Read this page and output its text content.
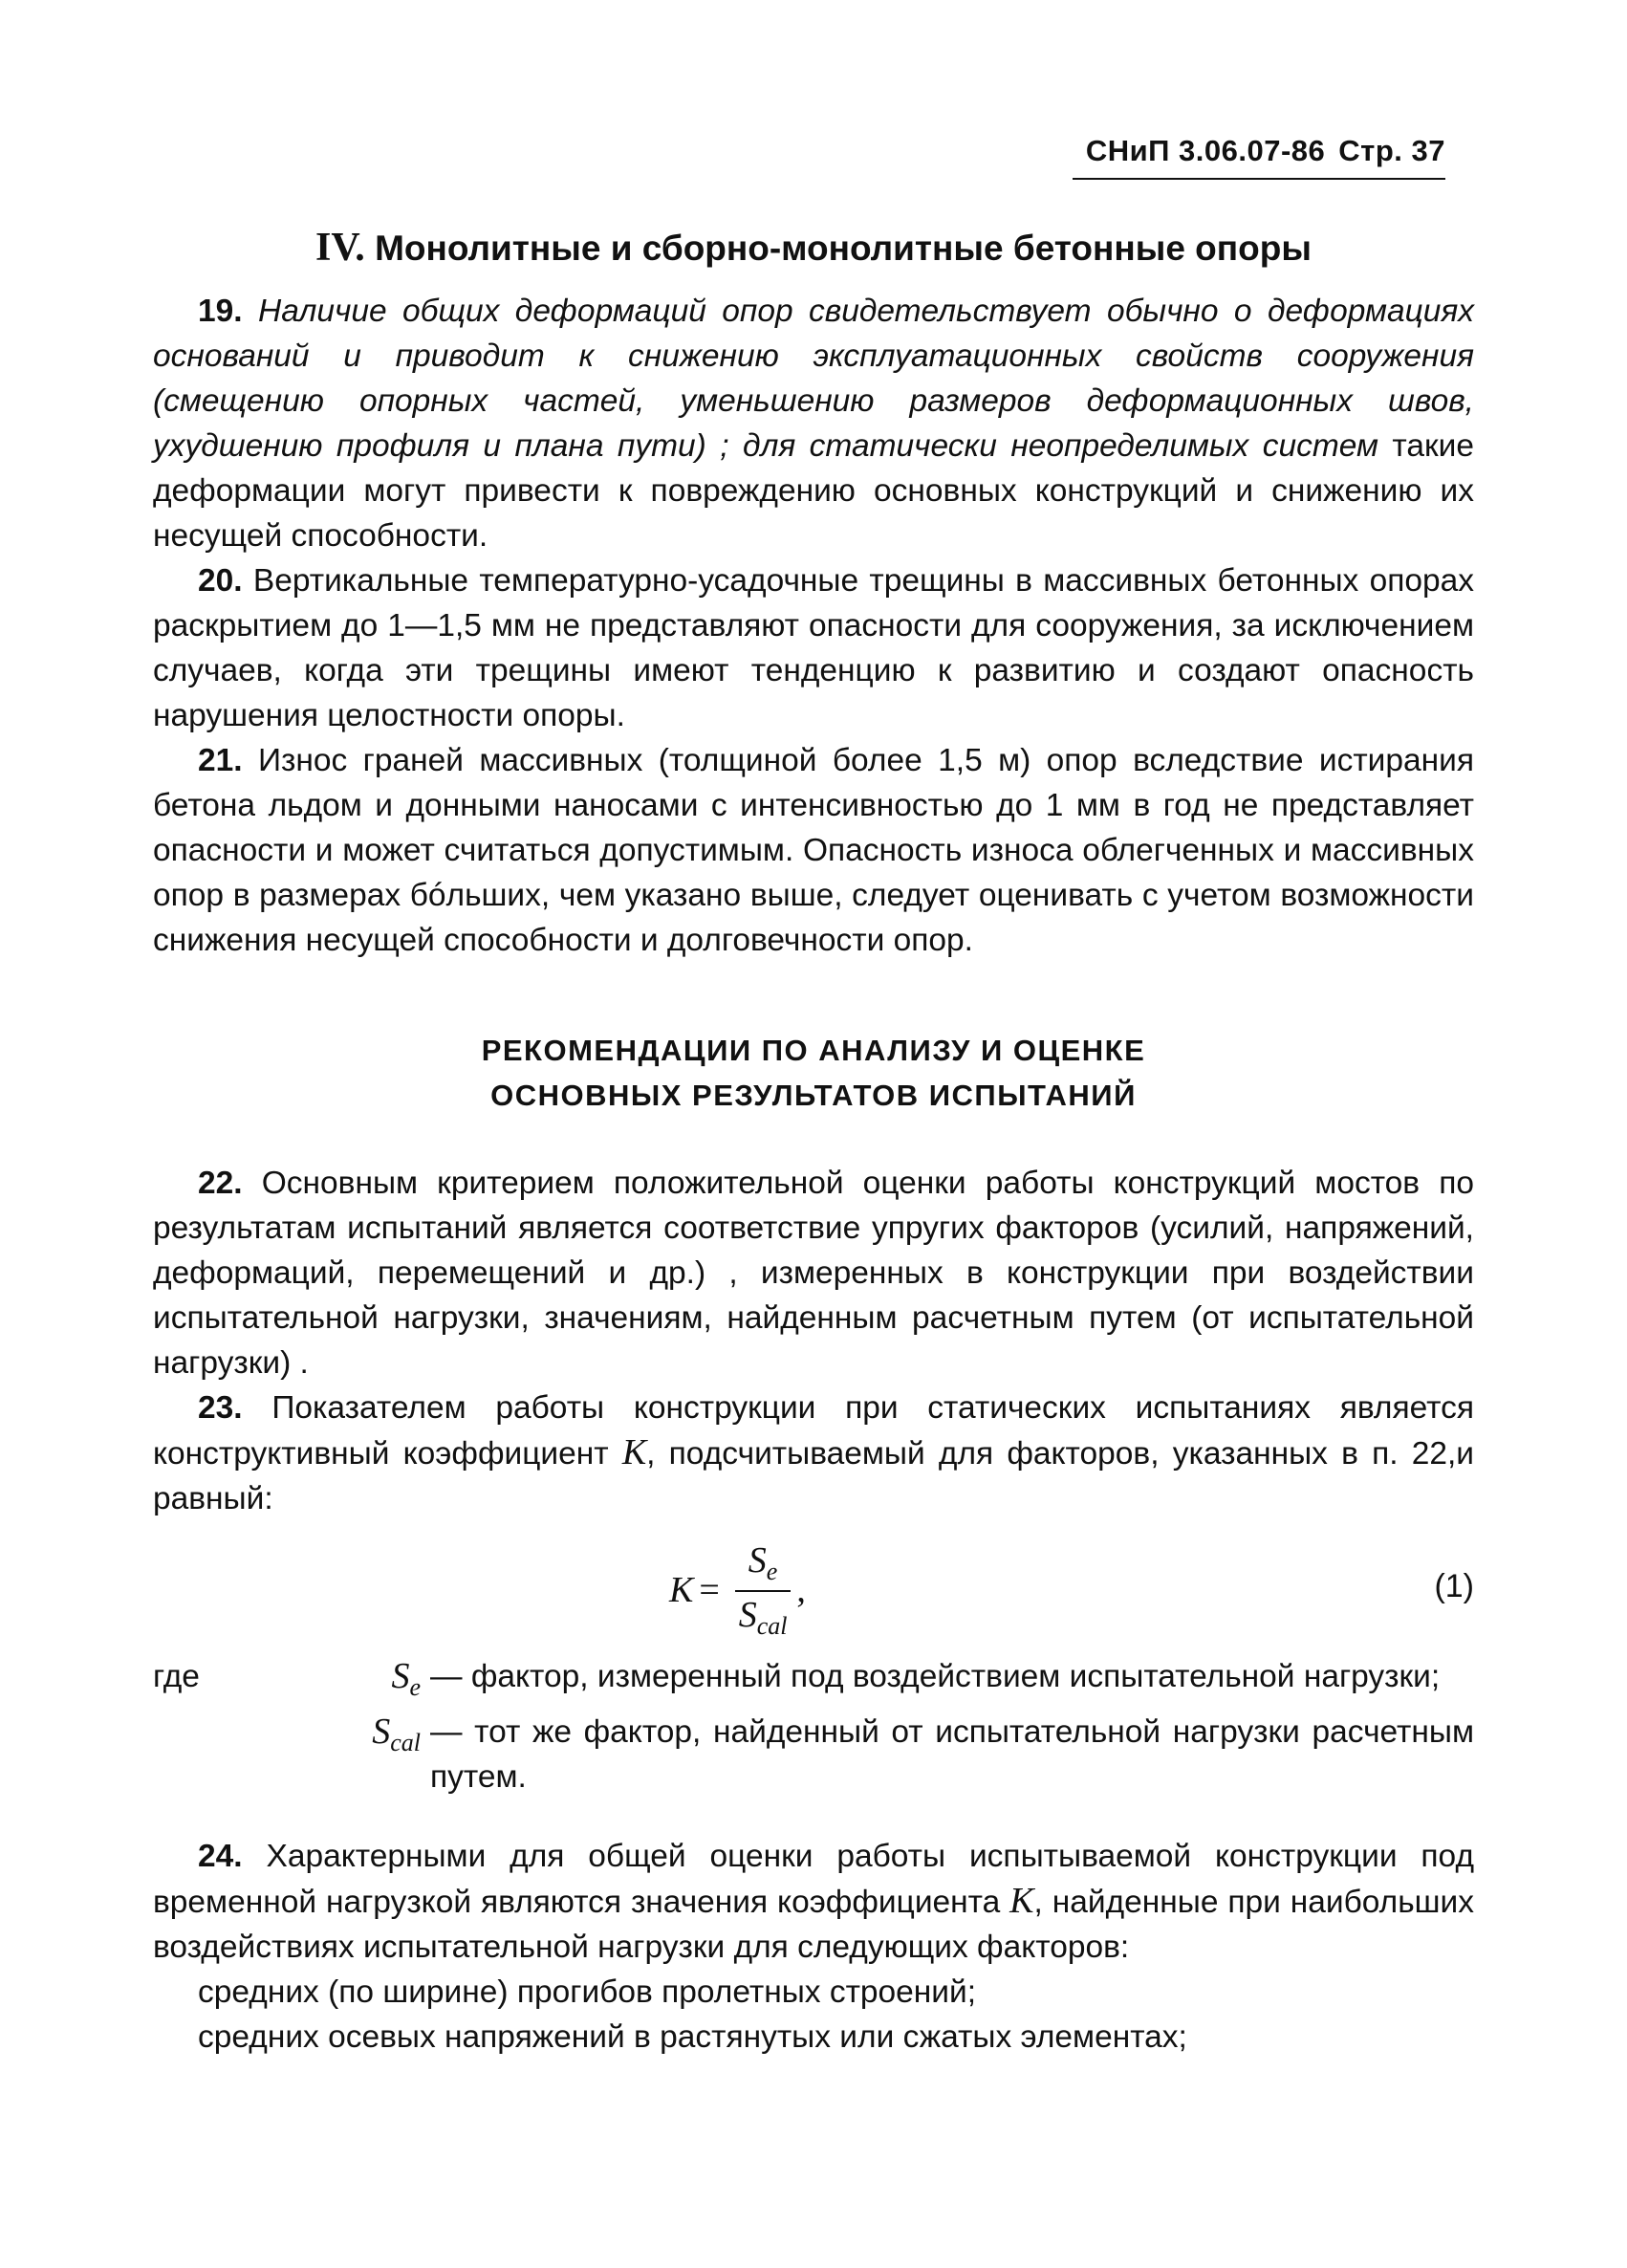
СНиП 3.06.07-86 Стр. 37
IV. Монолитные и сборно-монолитные бетонные опоры

19. Наличие общих деформаций опор свидетельствует обычно о деформациях оснований и приводит к снижению эксплуатационных свойств сооружения (смещению опорных частей, уменьшению размеров деформационных швов, ухудшению профиля и плана пути) ; для статически неопределимых систем такие деформации могут привести к повреждению основных конструкций и снижению их несущей способности.

20. Вертикальные температурно-усадочные трещины в массивных бетонных опорах раскрытием до 1—1,5 мм не представляют опасности для сооружения, за исключением случаев, когда эти трещины имеют тенденцию к развитию и создают опасность нарушения целостности опоры.

21. Износ граней массивных (толщиной более 1,5 м) опор вследствие истирания бетона льдом и донными наносами с интенсивностью до 1 мм в год не представляет опасности и может считаться допустимым. Опасность износа облегченных и массивных опор в размерах бóльших, чем указано выше, следует оценивать с учетом возможности снижения несущей способности и долговечности опор.

РЕКОМЕНДАЦИИ ПО АНАЛИЗУ И ОЦЕНКЕ

ОСНОВНЫХ РЕЗУЛЬТАТОВ ИСПЫТАНИЙ

22. Основным критерием положительной оценки работы конструкций мостов по результатам испытаний является соответствие упругих факторов (усилий, напряжений, деформаций, перемещений и др.) , измеренных в конструкции при воздействии испытательной нагрузки, значениям, найденным расчетным путем (от испытательной нагрузки) .

23. Показателем работы конструкции при статических испытаниях является конструктивный коэффициент K, подсчитываемый для факторов, указанных в п. 22,и равный:

$K = \frac{S_e}{S_{cal}}$ ,	(1)
где	$S_e$ — фактор, измеренный под воздействием испытательной нагрузки;
$S_{cal}$ — тот же фактор, найденный от испытательной нагрузки расчетным путем.

24. Характерными для общей оценки работы испытываемой конструкции под временной нагрузкой являются значения коэффициента K, найденные при наибольших воздействиях испытательной нагрузки для следующих факторов:

средних (по ширине) прогибов пролетных строений;

средних осевых напряжений в растянутых или сжатых элементах;
